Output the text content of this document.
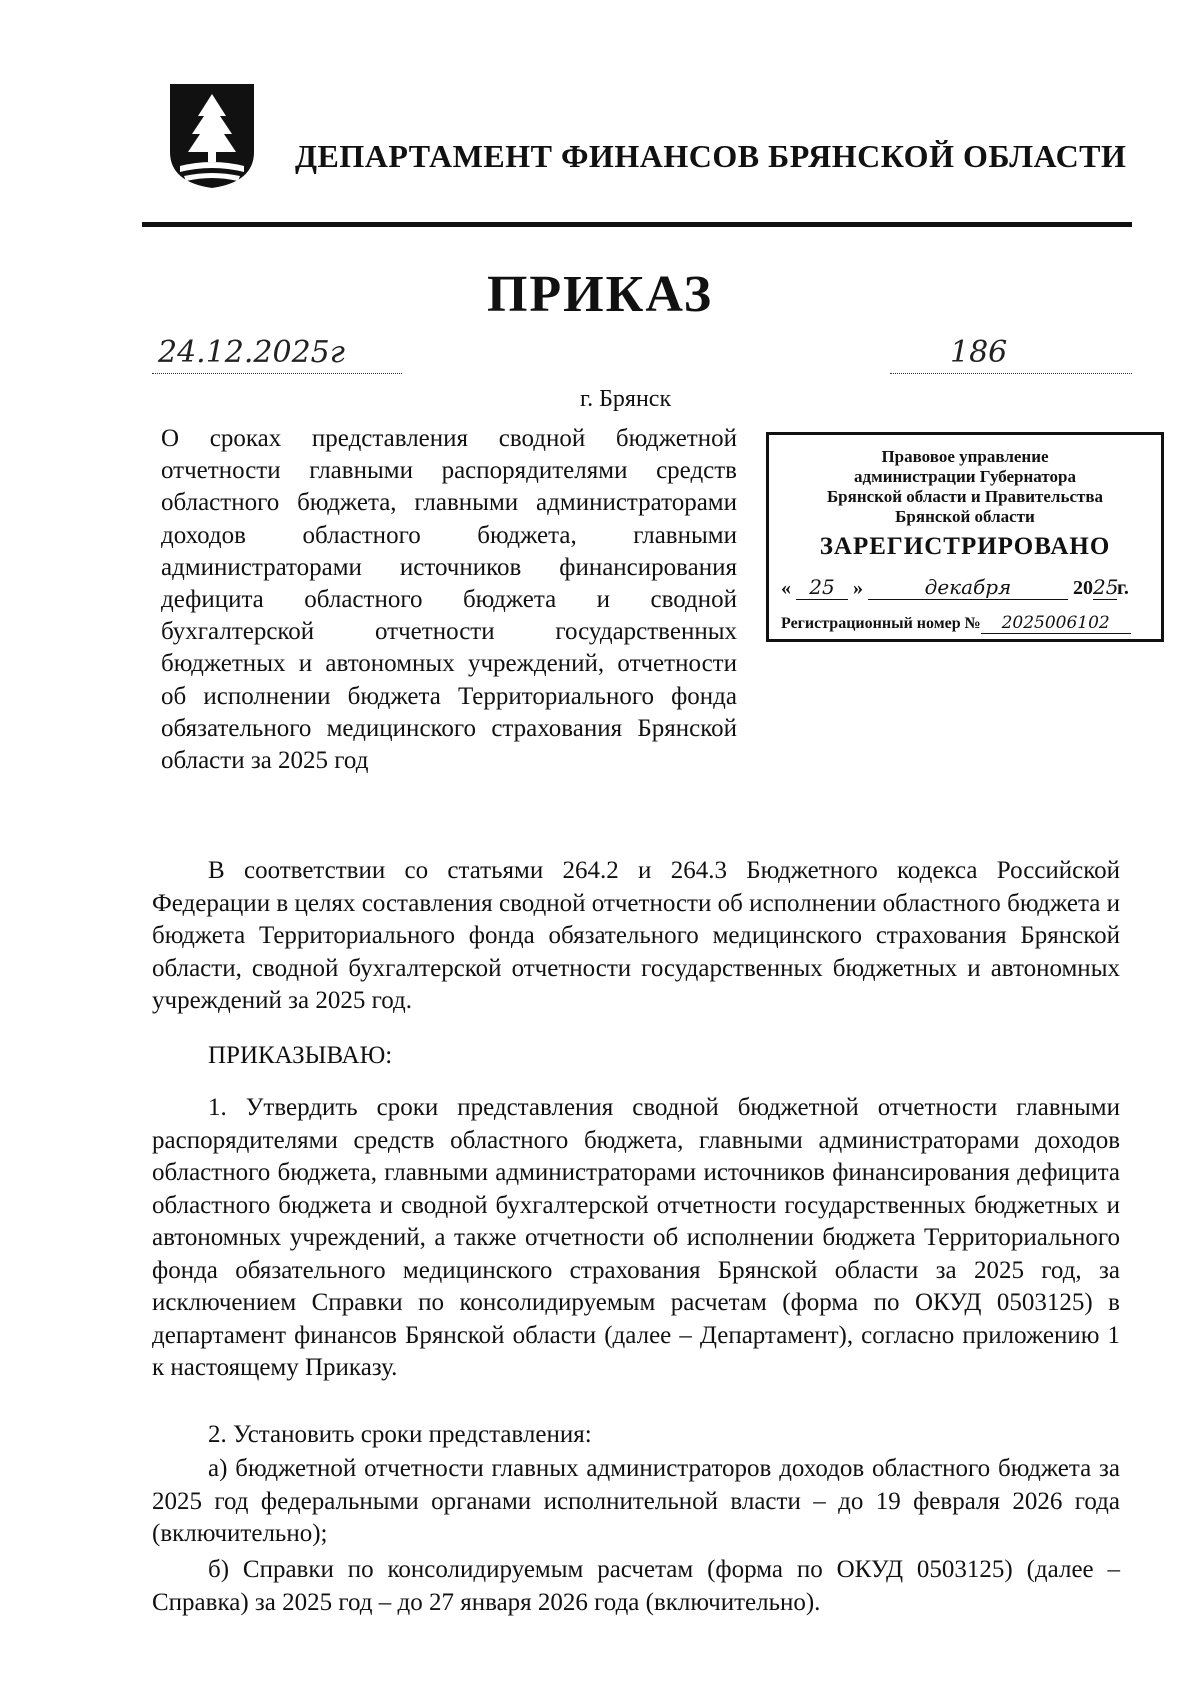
ДЕПАРТАМЕНТ ФИНАНСОВ БРЯНСКОЙ ОБЛАСТИ
ПРИКАЗ
24.12.2025г	186
г. Брянск
О сроках представления сводной бюджетной отчетности главными распорядителями средств областного бюджета, главными администраторами доходов областного бюджета, главными администраторами источников финансирования дефицита областного бюджета и сводной бухгалтерской отчетности государственных бюджетных и автономных учреждений, отчетности об исполнении бюджета Территориального фонда обязательного медицинского страхования Брянской области за 2025 год
Правовое управление
администрации Губернатора
Брянской области и Правительства
Брянской области
ЗАРЕГИСТРИРОВАНО
« 25 »	декабря	2025г.
Регистрационный номер № 2025006102
В соответствии со статьями 264.2 и 264.3 Бюджетного кодекса Российской Федерации в целях составления сводной отчетности об исполнении областного бюджета и бюджета Территориального фонда обязательного медицинского страхования Брянской области, сводной бухгалтерской отчетности государственных бюджетных и автономных учреждений за 2025 год.
ПРИКАЗЫВАЮ:
1. Утвердить сроки представления сводной бюджетной отчетности главными распорядителями средств областного бюджета, главными администраторами доходов областного бюджета, главными администраторами источников финансирования дефицита областного бюджета и сводной бухгалтерской отчетности государственных бюджетных и автономных учреждений, а также отчетности об исполнении бюджета Территориального фонда обязательного медицинского страхования Брянской области за 2025 год, за исключением Справки по консолидируемым расчетам (форма по ОКУД 0503125) в департамент финансов Брянской области (далее – Департамент), согласно приложению 1 к настоящему Приказу.
2. Установить сроки представления:
а) бюджетной отчетности главных администраторов доходов областного бюджета за 2025 год федеральными органами исполнительной власти – до 19 февраля 2026 года (включительно);
б) Справки по консолидируемым расчетам (форма по ОКУД 0503125) (далее – Справка) за 2025 год – до 27 января 2026 года (включительно).
